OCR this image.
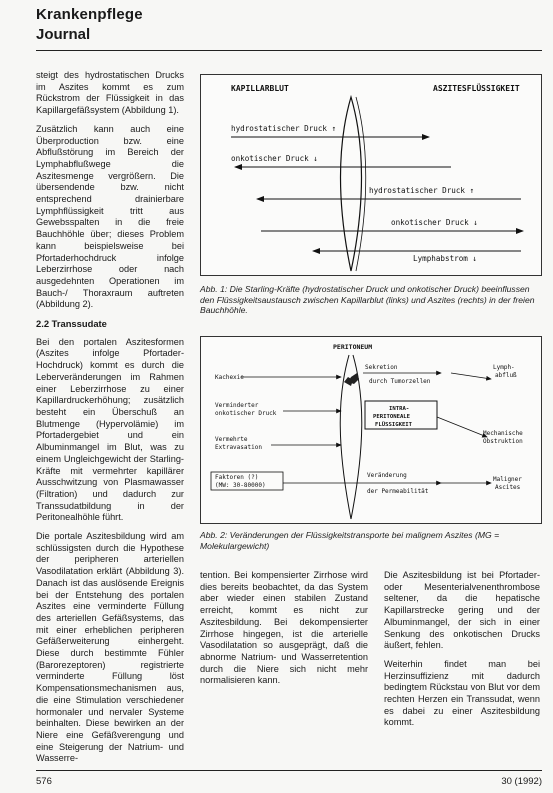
Krankenpflege
Journal

steigt des hydrostatischen Drucks im Aszites kommt es zum Rückstrom der Flüssigkeit in das Kapillargefäßsystem (Abbildung 1).

Zusätzlich kann auch eine Überproduction bzw. eine Abflußstörung im Bereich der Lymphabflußwege die Aszitesmenge vergrößern. Die übersendende bzw. nicht entsprechend drainierbare Lymphflüssigkeit tritt aus Gewebsspalten in die freie Bauchhöhle über; dieses Problem kann beispielsweise bei Pfortaderhochdruck infolge Leberzirrhose oder nach ausgedehnten Operationen im Bauch-/ Thoraxraum auftreten (Abbildung 2).

2.2 Transsudate

Bei den portalen Aszitesformen (Aszites infolge Pfortader-Hochdruck) kommt es durch die Leberveränderungen im Rahmen einer Leberzirrhose zu einer Kapillardruckerhöhung; zusätzlich besteht ein Überschuß an Blutmenge (Hypervolämie) im Pfortadergebiet und ein Albuminmangel im Blut, was zu einem Ungleichgewicht der Starling-Kräfte mit vermehrter kapillärer Ausschwitzung von Plasmawasser (Filtration) und dadurch zur Transsudatbildung in der Peritonealhöhle führt.

Die portale Aszitesbildung wird am schlüssigsten durch die Hypothese der peripheren arteriellen Vasodilatation erklärt (Abbildung 3). Danach ist das auslösende Ereignis bei der Entstehung des portalen Aszites eine verminderte Füllung des arteriellen Gefäßsystems, das mit einer erheblichen peripheren Gefäßerweiterung einhergeht. Diese durch bestimmte Fühler (Barorezeptoren) registrierte verminderte Füllung löst Kompensationsmechanismen aus, die eine Stimulation verschiedener hormonaler und nervaler Systeme beinhalten. Diese bewirken an der Niere eine Gefäßverengung und eine Steigerung der Natrium- und Wasserre-

KAPILLARBLUT	ASZITESFLÜSSIGKEIT
hydrostatischer Druck ↑
onkotischer Druck ↓
hydrostatischer Druck ↑
onkotischer Druck ↓
Lymphabstrom ↓
Abb. 1: Die Starling-Kräfte (hydrostatischer Druck und onkotischer Druck) beeinflussen den Flüssigkeitsaustausch zwischen Kapillarblut (links) und Aszites (rechts) in der freien Bauchhöhle.
PERITONEUM
Sekretion
durch Tumorzellen
Kachexie
Lymph-
abfluß
Verminderter
onkotischer Druck
INTRA-
PERITONEALE
FLÜSSIGKEIT
Mechanische
Obstruktion
Vermehrte
Extravasation
Faktoren (?)
(MW: 30-80000)
Veränderung
der Permeabilität
Maligner
Ascites
Abb. 2: Veränderungen der Flüssigkeitstransporte bei malignem Aszites (MG = Molekulargewicht)

tention. Bei kompensierter Zirrhose wird dies bereits beobachtet, da das System aber wieder einen stabilen Zustand erreicht, kommt es nicht zur Aszitesbildung. Bei dekompensierter Zirrhose hingegen, ist die arterielle Vasodilatation so ausgeprägt, daß die abnorme Natrium- und Wasserretention durch die Niere sich nicht mehr normalisieren kann.

Die Aszitesbildung ist bei Pfortader- oder Mesenterialvenenthrombose seltener, da die hepatische Kapillarstrecke gering und der Albuminmangel, der sich in einer Senkung des onkotischen Drucks äußert, fehlen.

Weiterhin findet man bei Herzinsuffizienz mit dadurch bedingtem Rückstau von Blut vor dem rechten Herzen ein Transsudat, wenn es dabei zu einer Aszitesbildung kommt.

576	30 (1992)
